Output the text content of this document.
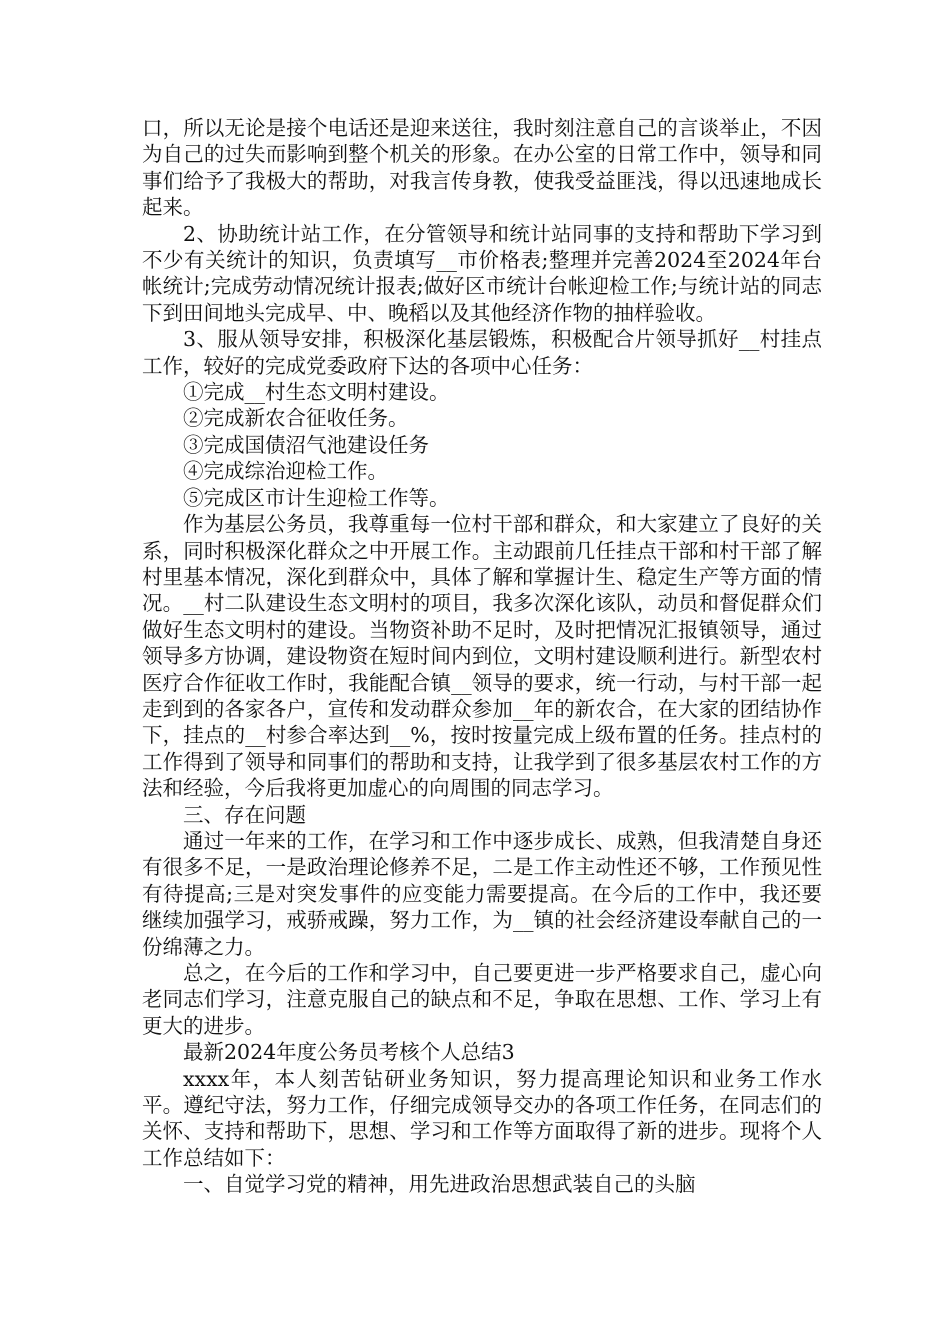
口，所以无论是接个电话还是迎来送往，我时刻注意自己的言谈举止，不因为自己的过失而影响到整个机关的形象。在办公室的日常工作中，领导和同事们给予了我极大的帮助，对我言传身教，使我受益匪浅，得以迅速地成长起来。

2、协助统计站工作，在分管领导和统计站同事的支持和帮助下学习到不少有关统计的知识，负责填写__市价格表;整理并完善2024至2024年台帐统计;完成劳动情况统计报表;做好区市统计台帐迎检工作;与统计站的同志下到田间地头完成早、中、晚稻以及其他经济作物的抽样验收。

3、服从领导安排，积极深化基层锻炼，积极配合片领导抓好__村挂点工作，较好的完成党委政府下达的各项中心任务：

①完成__村生态文明村建设。

②完成新农合征收任务。

③完成国债沼气池建设任务

④完成综治迎检工作。

⑤完成区市计生迎检工作等。

作为基层公务员，我尊重每一位村干部和群众，和大家建立了良好的关系，同时积极深化群众之中开展工作。主动跟前几任挂点干部和村干部了解村里基本情况，深化到群众中，具体了解和掌握计生、稳定生产等方面的情况。__村二队建设生态文明村的项目，我多次深化该队，动员和督促群众们做好生态文明村的建设。当物资补助不足时，及时把情况汇报镇领导，通过领导多方协调，建设物资在短时间内到位，文明村建设顺利进行。新型农村医疗合作征收工作时，我能配合镇__领导的要求，统一行动，与村干部一起走到到的各家各户，宣传和发动群众参加__年的新农合，在大家的团结协作下，挂点的__村参合率达到__%，按时按量完成上级布置的任务。挂点村的工作得到了领导和同事们的帮助和支持，让我学到了很多基层农村工作的方法和经验，今后我将更加虚心的向周围的同志学习。

三、存在问题

通过一年来的工作，在学习和工作中逐步成长、成熟，但我清楚自身还有很多不足，一是政治理论修养不足，二是工作主动性还不够，工作预见性有待提高;三是对突发事件的应变能力需要提高。在今后的工作中，我还要继续加强学习，戒骄戒躁，努力工作，为__镇的社会经济建设奉献自己的一份绵薄之力。

总之，在今后的工作和学习中，自己要更进一步严格要求自己，虚心向老同志们学习，注意克服自己的缺点和不足，争取在思想、工作、学习上有更大的进步。

最新2024年度公务员考核个人总结3

xxxx年，本人刻苦钻研业务知识，努力提高理论知识和业务工作水平。遵纪守法，努力工作，仔细完成领导交办的各项工作任务，在同志们的关怀、支持和帮助下，思想、学习和工作等方面取得了新的进步。现将个人工作总结如下：

一、自觉学习党的精神，用先进政治思想武装自己的头脑
